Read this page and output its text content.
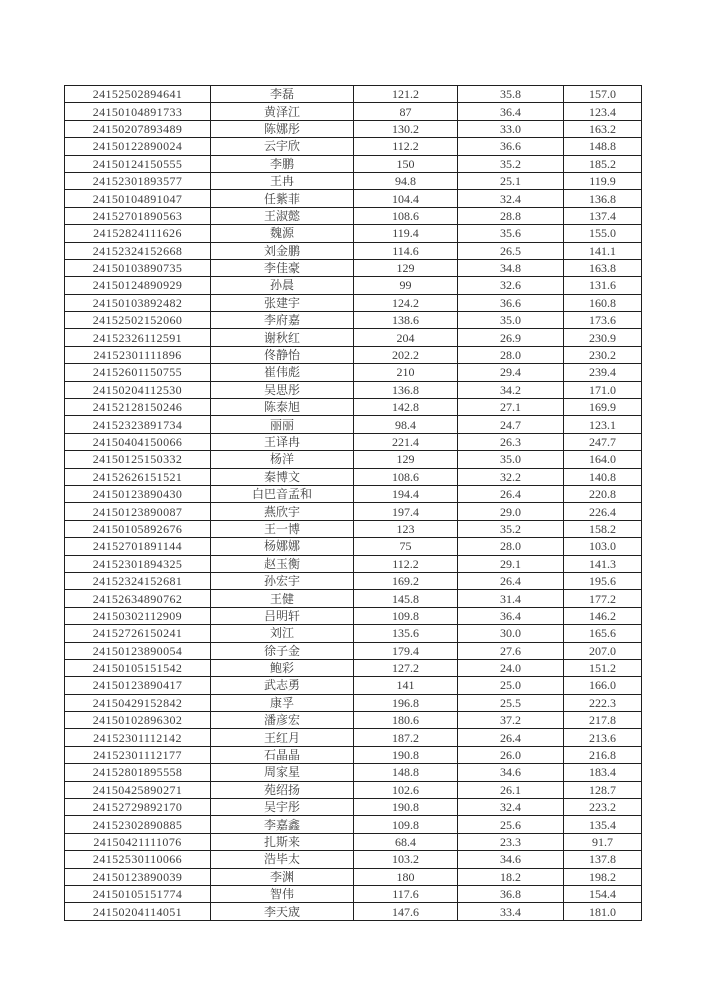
24152502894641	李磊	121.2	35.8	157.0
24150104891733	黄泽江	87	36.4	123.4
24150207893489	陈娜彤	130.2	33.0	163.2
24150122890024	云宇欣	112.2	36.6	148.8
24150124150555	李鹏	150	35.2	185.2
24152301893577	王冉	94.8	25.1	119.9
24150104891047	任紫菲	104.4	32.4	136.8
24152701890563	王淑懿	108.6	28.8	137.4
24152824111626	魏源	119.4	35.6	155.0
24152324152668	刘金鹏	114.6	26.5	141.1
24150103890735	李佳豪	129	34.8	163.8
24150124890929	孙晨	99	32.6	131.6
24150103892482	张建宇	124.2	36.6	160.8
24152502152060	李府嘉	138.6	35.0	173.6
24152326112591	谢秋红	204	26.9	230.9
24152301111896	佟静怡	202.2	28.0	230.2
24152601150755	崔伟彪	210	29.4	239.4
24150204112530	吴思彤	136.8	34.2	171.0
24152128150246	陈泰旭	142.8	27.1	169.9
24152323891734	丽丽	98.4	24.7	123.1
24150404150066	王译冉	221.4	26.3	247.7
24150125150332	杨洋	129	35.0	164.0
24152626151521	秦博文	108.6	32.2	140.8
24150123890430	白巴音孟和	194.4	26.4	220.8
24150123890087	燕欣宇	197.4	29.0	226.4
24150105892676	王一博	123	35.2	158.2
24152701891144	杨娜娜	75	28.0	103.0
24152301894325	赵玉衡	112.2	29.1	141.3
24152324152681	孙宏宇	169.2	26.4	195.6
24152634890762	王健	145.8	31.4	177.2
24150302112909	吕明轩	109.8	36.4	146.2
24152726150241	刘江	135.6	30.0	165.6
24150123890054	徐子金	179.4	27.6	207.0
24150105151542	鲍彩	127.2	24.0	151.2
24150123890417	武志勇	141	25.0	166.0
24150429152842	康孚	196.8	25.5	222.3
24150102896302	潘彦宏	180.6	37.2	217.8
24152301112142	王红月	187.2	26.4	213.6
24152301112177	石晶晶	190.8	26.0	216.8
24152801895558	周家星	148.8	34.6	183.4
24150425890271	苑绍扬	102.6	26.1	128.7
24152729892170	吴宇彤	190.8	32.4	223.2
24152302890885	李嘉鑫	109.8	25.6	135.4
24150421111076	扎斯来	68.4	23.3	91.7
24152530110066	浩毕太	103.2	34.6	137.8
24150123890039	李渊	180	18.2	198.2
24150105151774	智伟	117.6	36.8	154.4
24150204114051	李天宬	147.6	33.4	181.0
